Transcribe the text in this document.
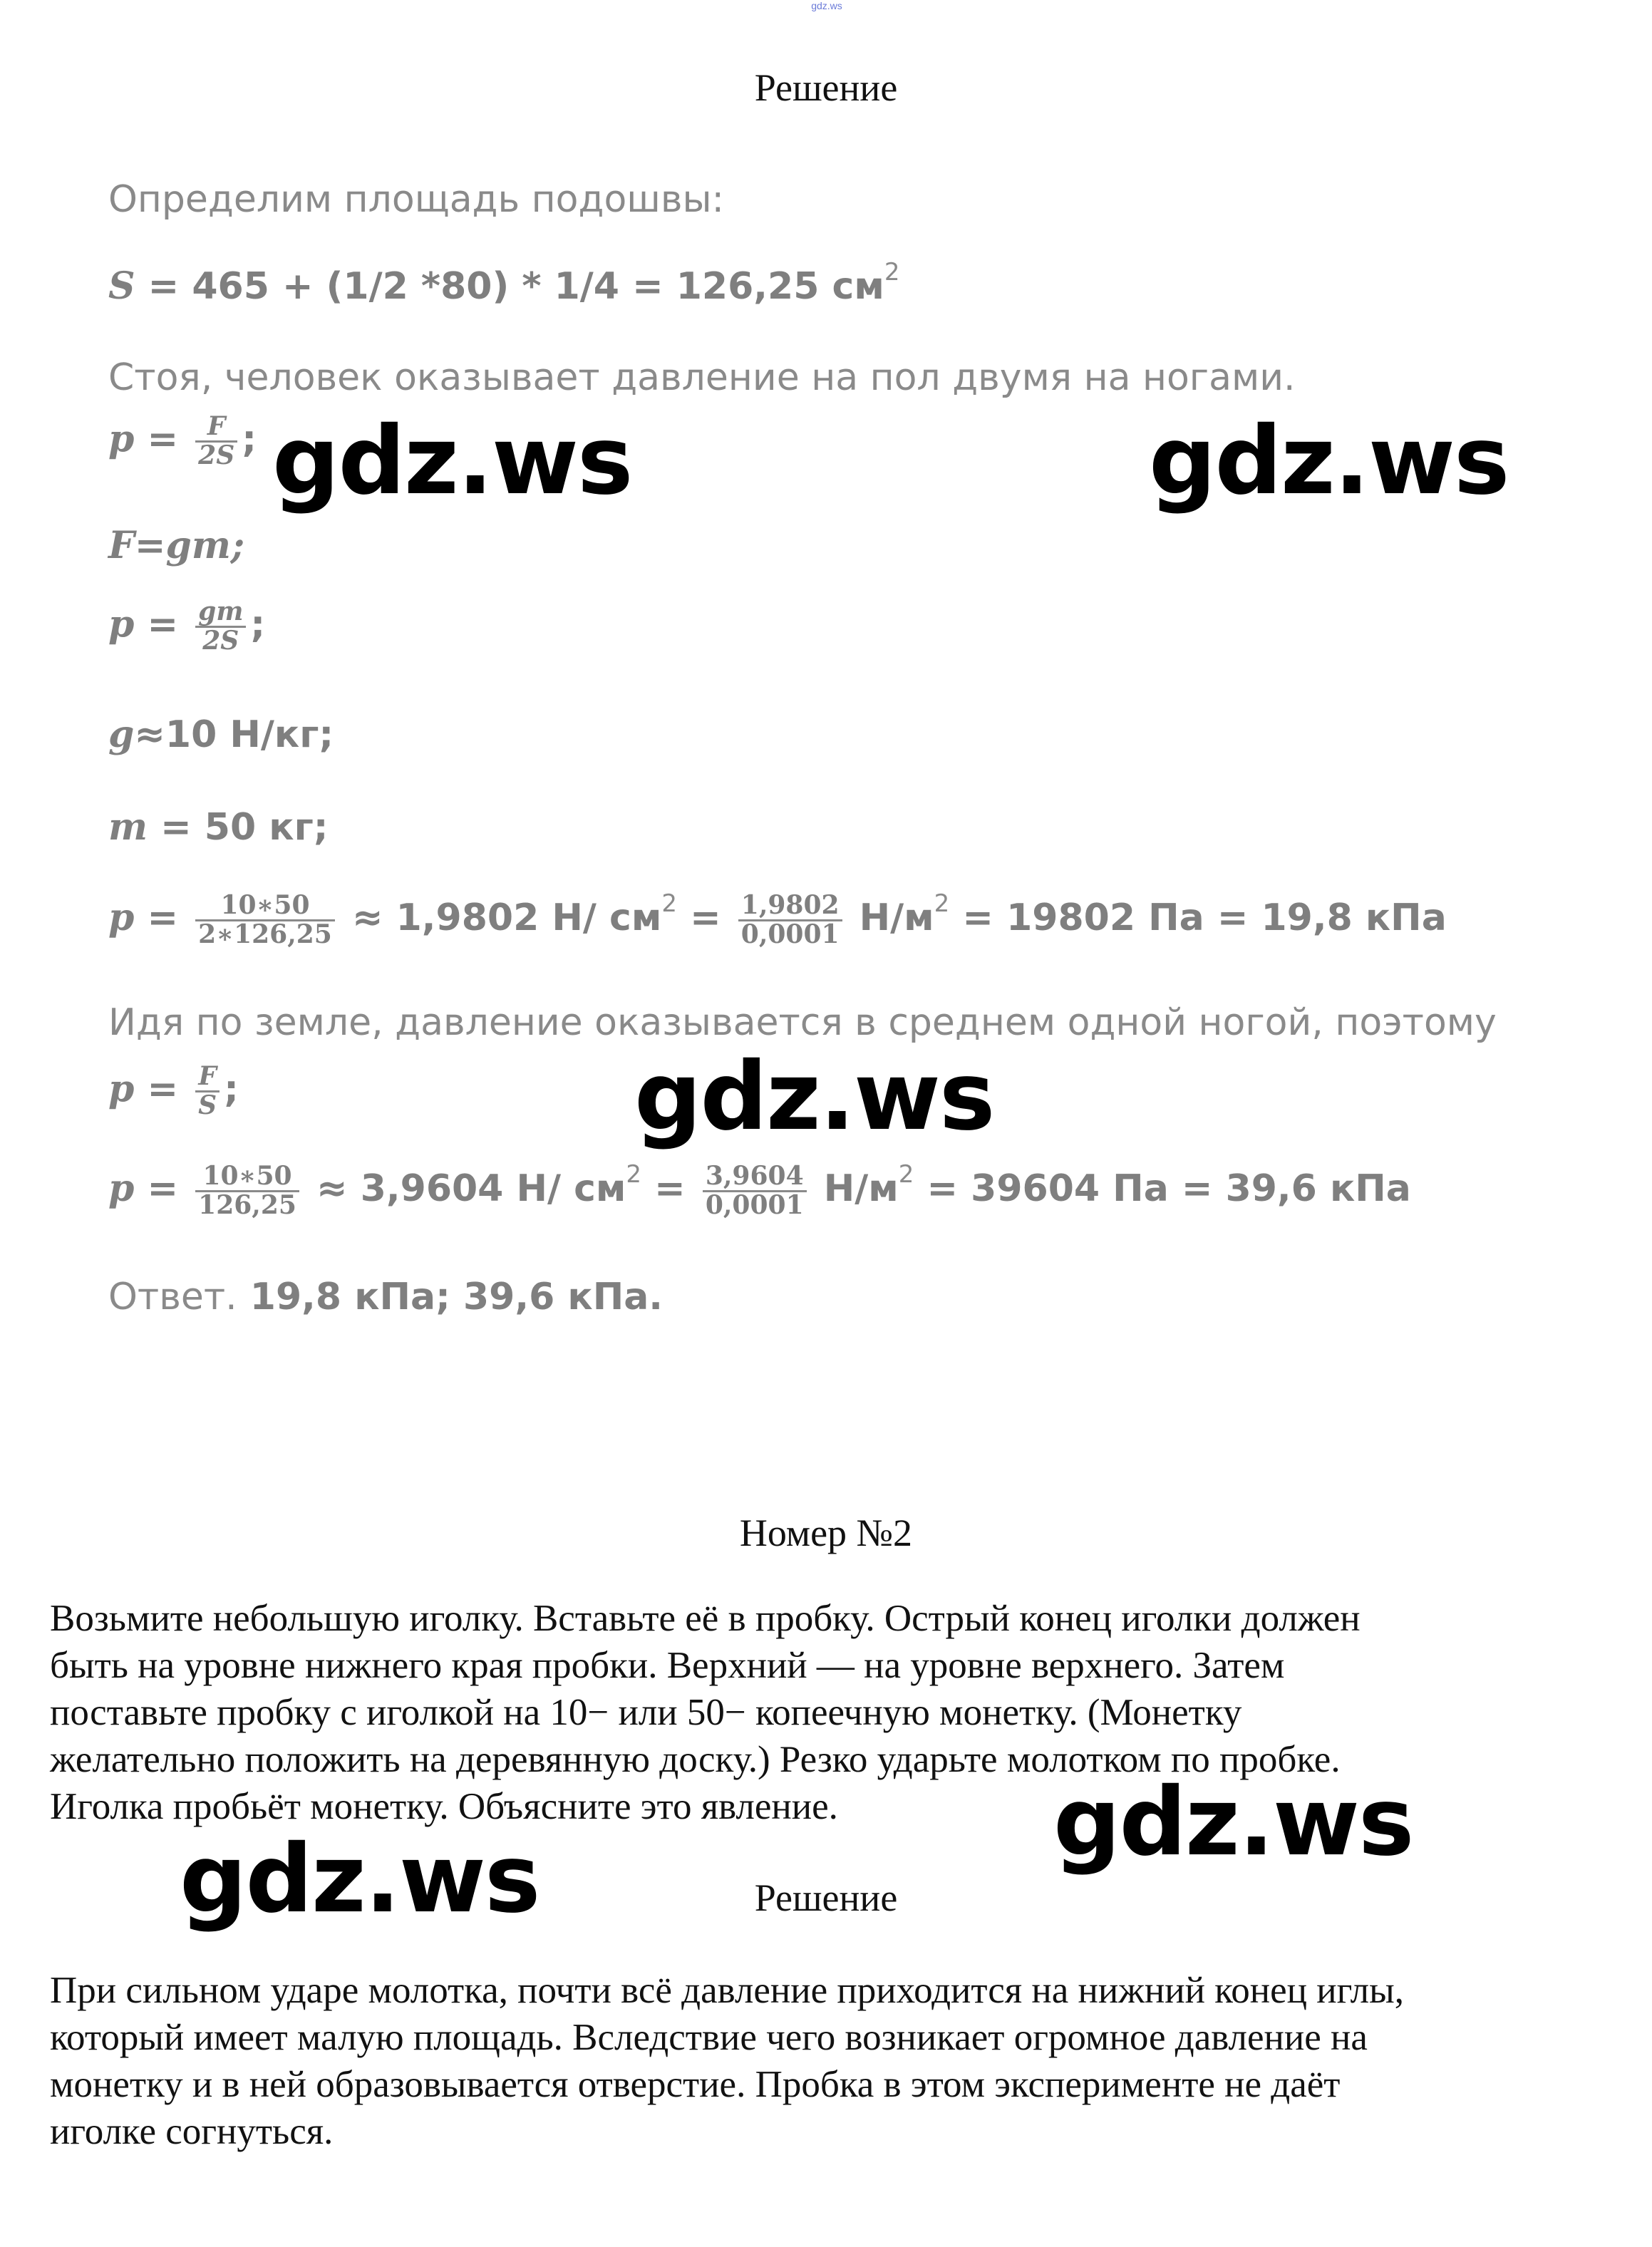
gdz.ws
Решение
Определим площадь подошвы:
S = 465 + (1/2 *80) * 1/4 = 126,25 $см^2$
Стоя, человек оказывает давление на пол двумя на ногами.
$p = \frac{F}{2S}$ ;
F=gm;
$p = \frac{gm}{2S}$ ;
g≈10 Н/кг;
m = 50 кг;
$p = \frac{10∗50}{2∗126,25} \approx 1,9802$ Н/ $см^2 = \frac{1,9802}{0,0001} Н/м^2 = 19802$ Па = 19,8 кПа
Идя по земле, давление оказывается в среднем одной ногой, поэтому
$p = \frac{F}{S}$ ;
$p = \frac{10∗50}{126,25} \approx 3,9604$ Н/ $см^2 = \frac{3,9604}{0,0001} Н/м^2 = 39604$ Па = 39,6 кПа
Ответ. 19,8 кПа; 39,6 кПа.
Номер №2
Возьмите небольшую иголку. Вставьте её в пробку. Острый конец иголки должен
быть на уровне нижнего края пробки. Верхний — на уровне верхнего. Затем
поставьте пробку с иголкой на 10− или 50− копеечную монетку. (Монетку
желательно положить на деревянную доску.) Резко ударьте молотком по пробке.
Иголка пробьёт монетку. Объясните это явление.
Решение
При сильном ударе молотка, почти всё давление приходится на нижний конец иглы,
который имеет малую площадь. Вследствие чего возникает огромное давление на
монетку и в ней образовывается отверстие. Пробка в этом эксперименте не даёт
иголке согнуться.
gdz.ws	gdz.ws
gdz.ws
gdz.ws
gdz.ws
